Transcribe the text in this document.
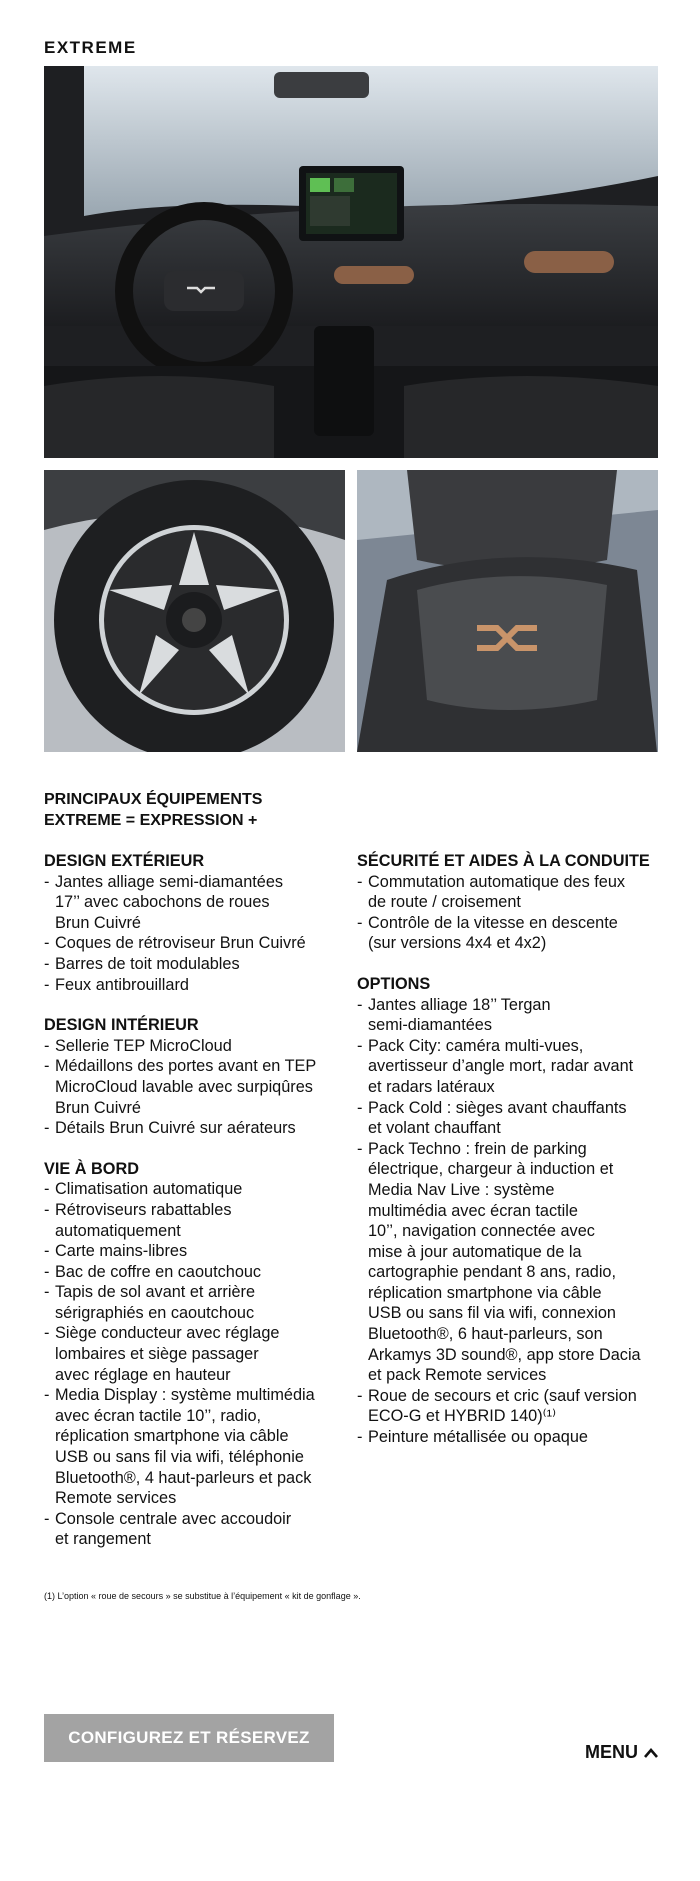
EXTREME
PRINCIPAUX ÉQUIPEMENTS
EXTREME = EXPRESSION +
DESIGN EXTÉRIEUR
- Jantes alliage semi-diamantées
17’’ avec cabochons de roues
Brun Cuivré
- Coques de rétroviseur Brun Cuivré
- Barres de toit modulables
- Feux antibrouillard
DESIGN INTÉRIEUR
- Sellerie TEP MicroCloud
- Médaillons des portes avant en TEP
MicroCloud lavable avec surpiqûres
Brun Cuivré
- Détails Brun Cuivré sur aérateurs
VIE À BORD
- Climatisation automatique
- Rétroviseurs rabattables
automatiquement
- Carte mains-libres
- Bac de coffre en caoutchouc
- Tapis de sol avant et arrière
sérigraphiés en caoutchouc
- Siège conducteur avec réglage
lombaires et siège passager
avec réglage en hauteur
- Media Display : système multimédia
avec écran tactile 10’’, radio,
réplication smartphone via câble
USB ou sans fil via wifi, téléphonie
Bluetooth®, 4 haut-parleurs et pack
Remote services
- Console centrale avec accoudoir
et rangement
SÉCURITÉ ET AIDES À LA CONDUITE
- Commutation automatique des feux
de route / croisement
- Contrôle de la vitesse en descente
(sur versions 4x4 et 4x2)
OPTIONS
- Jantes alliage 18’’ Tergan
semi-diamantées
- Pack City: caméra multi-vues,
avertisseur d’angle mort, radar avant
et radars latéraux
- Pack Cold : sièges avant chauffants
et volant chauffant
- Pack Techno : frein de parking
électrique, chargeur à induction et
Media Nav Live : système
multimédia avec écran tactile
10’’, navigation connectée avec
mise à jour automatique de la
cartographie pendant 8 ans, radio,
réplication smartphone via câble
USB ou sans fil via wifi, connexion
Bluetooth®, 6 haut-parleurs, son
Arkamys 3D sound®, app store Dacia
et pack Remote services
- Roue de secours et cric (sauf version
ECO-G et HYBRID 140)⁽¹⁾
- Peinture métallisée ou opaque
(1) L’option « roue de secours » se substitue à l’équipement « kit de gonflage ».
CONFIGUREZ ET RÉSERVEZ
MENU
